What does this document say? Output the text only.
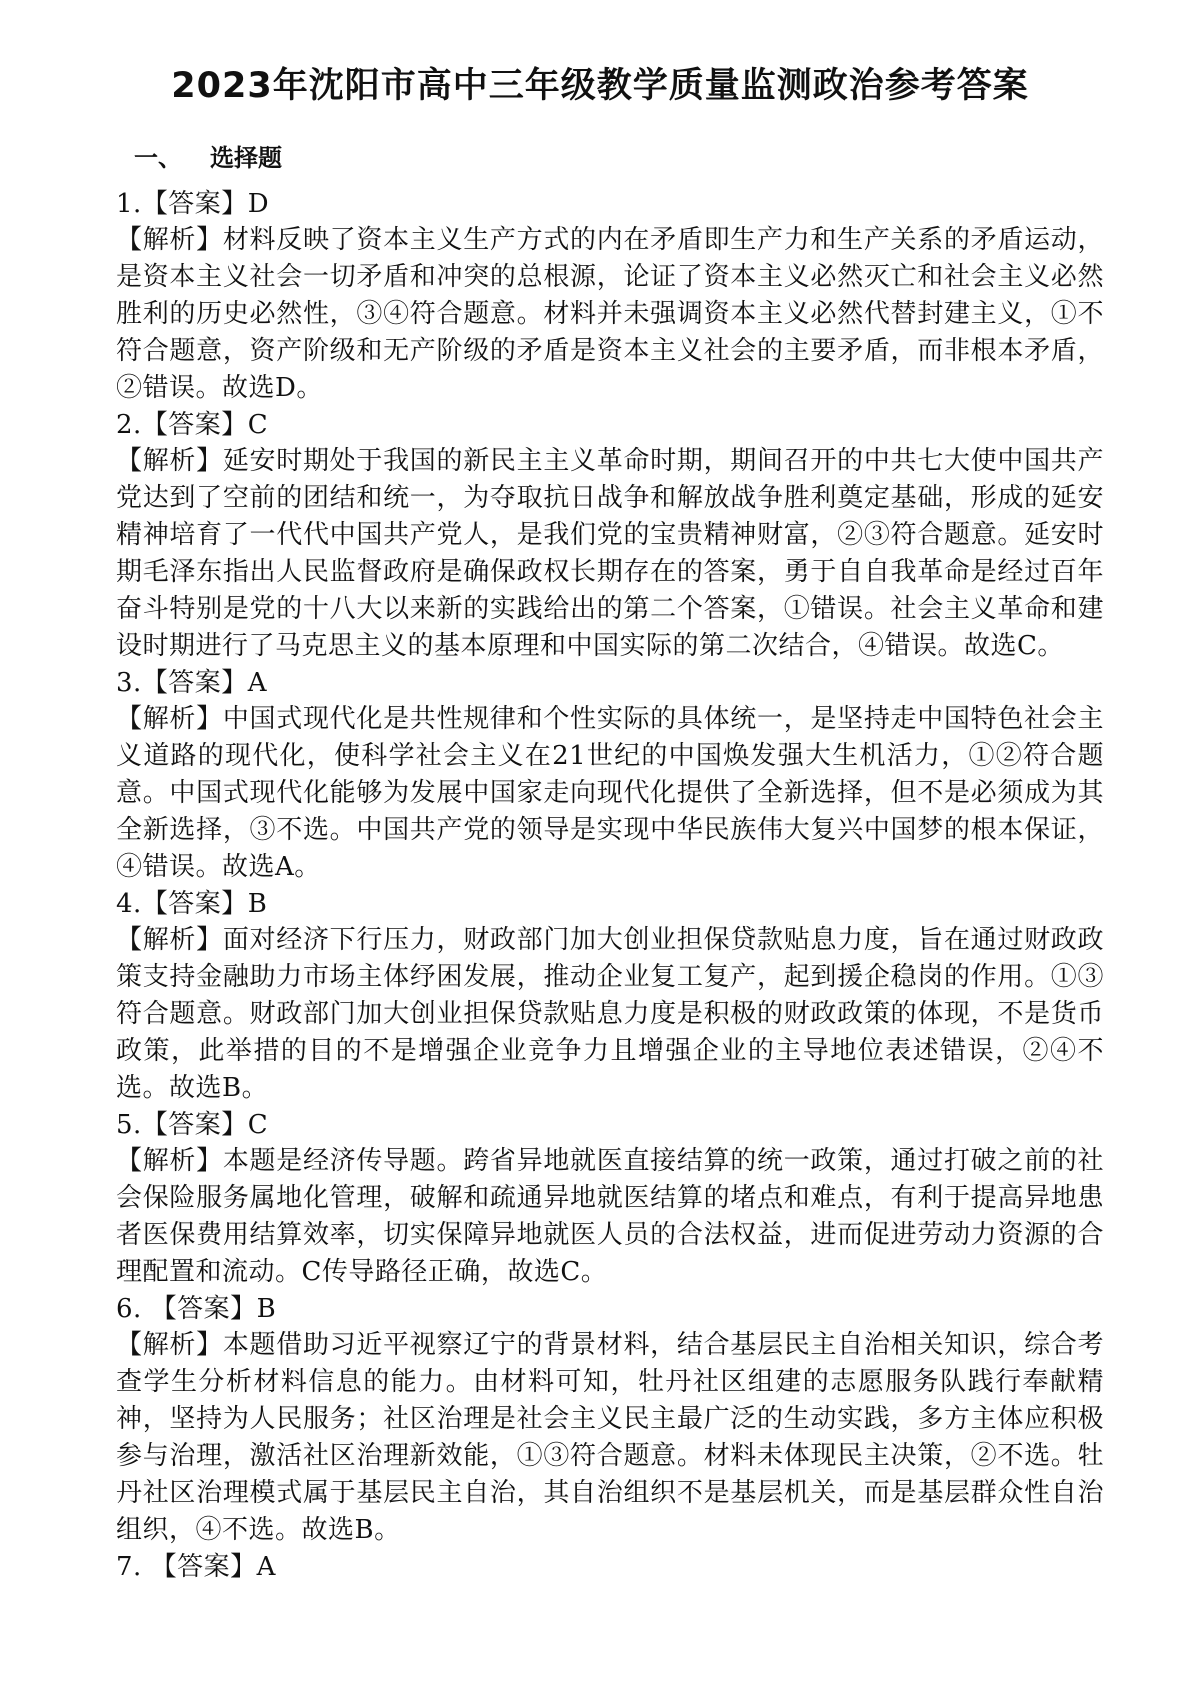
2023年沈阳市高中三年级教学质量监测政治参考答案
一、 选择题

1.【答案】D

【解析】材料反映了资本主义生产方式的内在矛盾即生产力和生产关系的矛盾运动，是资本主义社会一切矛盾和冲突的总根源，论证了资本主义必然灭亡和社会主义必然胜利的历史必然性，③④符合题意。材料并未强调资本主义必然代替封建主义，①不符合题意，资产阶级和无产阶级的矛盾是资本主义社会的主要矛盾，而非根本矛盾，②错误。故选D。

2.【答案】C

【解析】延安时期处于我国的新民主主义革命时期，期间召开的中共七大使中国共产党达到了空前的团结和统一，为夺取抗日战争和解放战争胜利奠定基础，形成的延安精神培育了一代代中国共产党人，是我们党的宝贵精神财富，②③符合题意。延安时期毛泽东指出人民监督政府是确保政权长期存在的答案，勇于自自我革命是经过百年奋斗特别是党的十八大以来新的实践给出的第二个答案，①错误。社会主义革命和建设时期进行了马克思主义的基本原理和中国实际的第二次结合，④错误。故选C。

3.【答案】A

【解析】中国式现代化是共性规律和个性实际的具体统一，是坚持走中国特色社会主义道路的现代化，使科学社会主义在21世纪的中国焕发强大生机活力，①②符合题意。中国式现代化能够为发展中国家走向现代化提供了全新选择，但不是必须成为其全新选择，③不选。中国共产党的领导是实现中华民族伟大复兴中国梦的根本保证，④错误。故选A。

4.【答案】B

【解析】面对经济下行压力，财政部门加大创业担保贷款贴息力度，旨在通过财政政策支持金融助力市场主体纾困发展，推动企业复工复产，起到援企稳岗的作用。①③符合题意。财政部门加大创业担保贷款贴息力度是积极的财政政策的体现，不是货币政策，此举措的目的不是增强企业竞争力且增强企业的主导地位表述错误，②④不选。故选B。

5.【答案】C

【解析】本题是经济传导题。跨省异地就医直接结算的统一政策，通过打破之前的社会保险服务属地化管理，破解和疏通异地就医结算的堵点和难点，有利于提高异地患者医保费用结算效率，切实保障异地就医人员的合法权益，进而促进劳动力资源的合理配置和流动。C传导路径正确，故选C。

6. 【答案】B

【解析】本题借助习近平视察辽宁的背景材料，结合基层民主自治相关知识，综合考查学生分析材料信息的能力。由材料可知，牡丹社区组建的志愿服务队践行奉献精神，坚持为人民服务；社区治理是社会主义民主最广泛的生动实践，多方主体应积极参与治理，激活社区治理新效能，①③符合题意。材料未体现民主决策，②不选。牡丹社区治理模式属于基层民主自治，其自治组织不是基层机关，而是基层群众性自治组织，④不选。故选B。

7. 【答案】A
